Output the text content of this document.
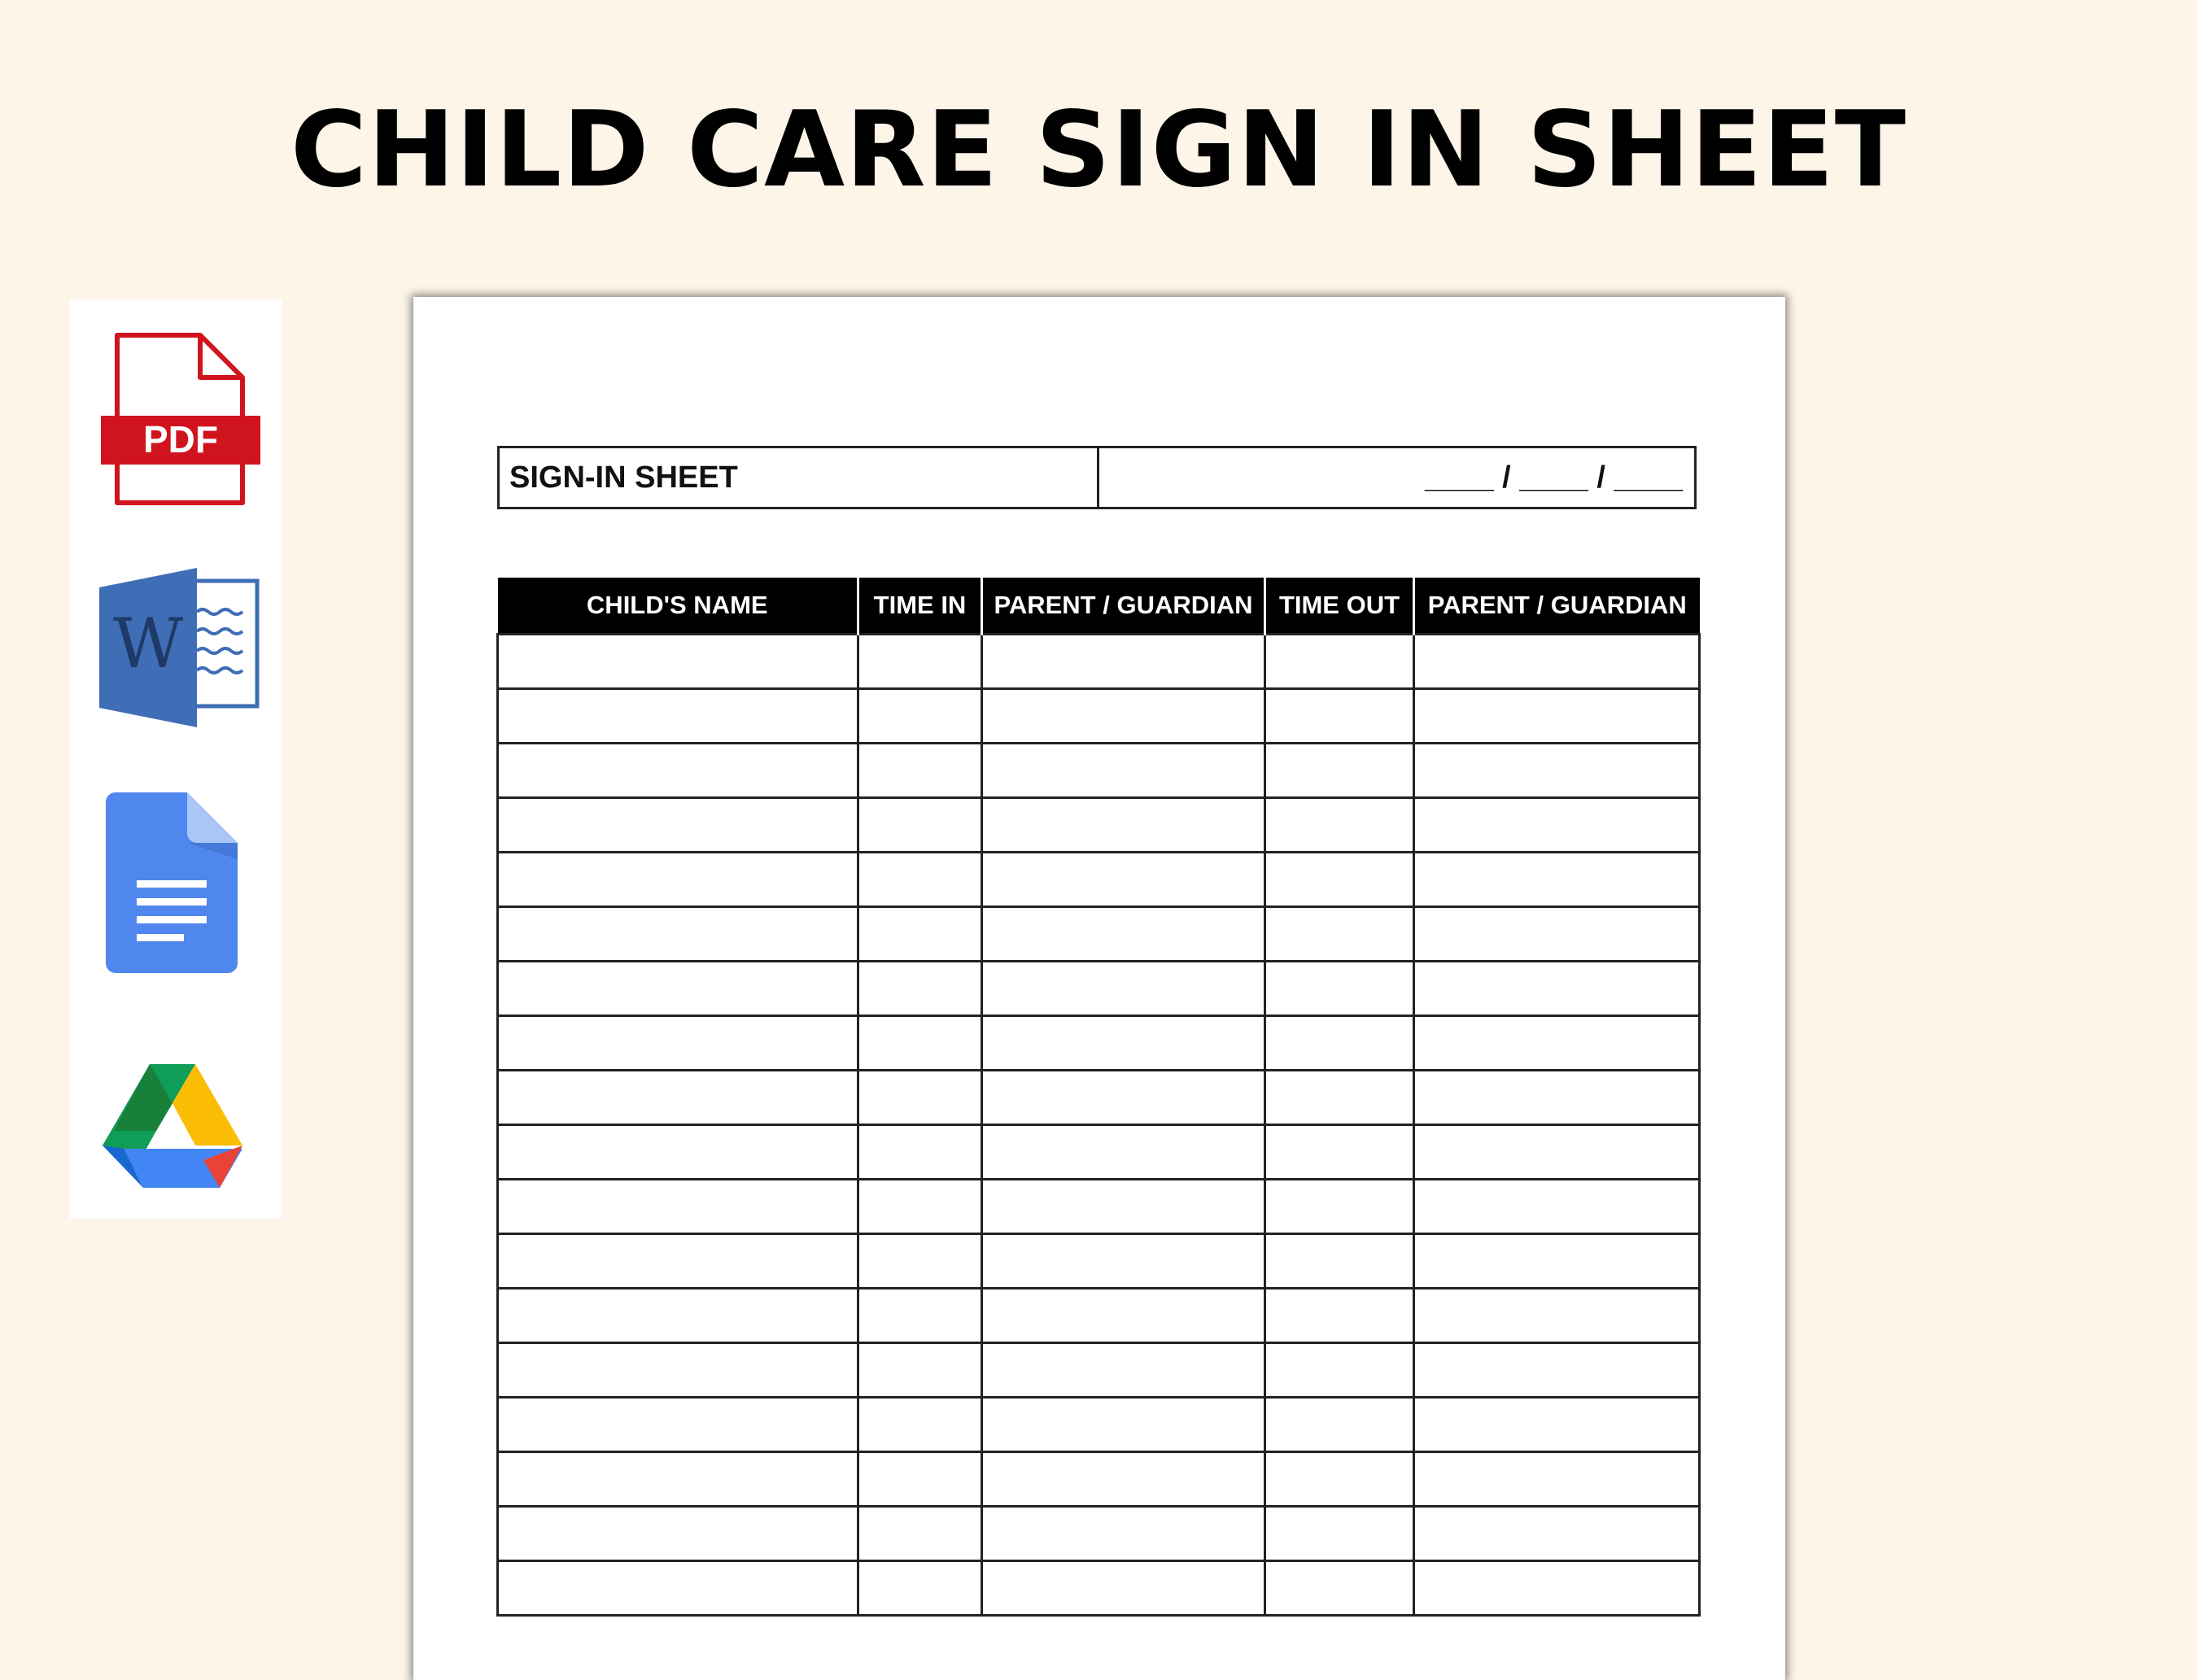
CHILD CARE SIGN IN SHEET
PDF
W
SIGN-IN SHEET	____ / ____ / ____
CHILD'S NAME	TIME IN	PARENT / GUARDIAN	TIME OUT	PARENT / GUARDIAN
